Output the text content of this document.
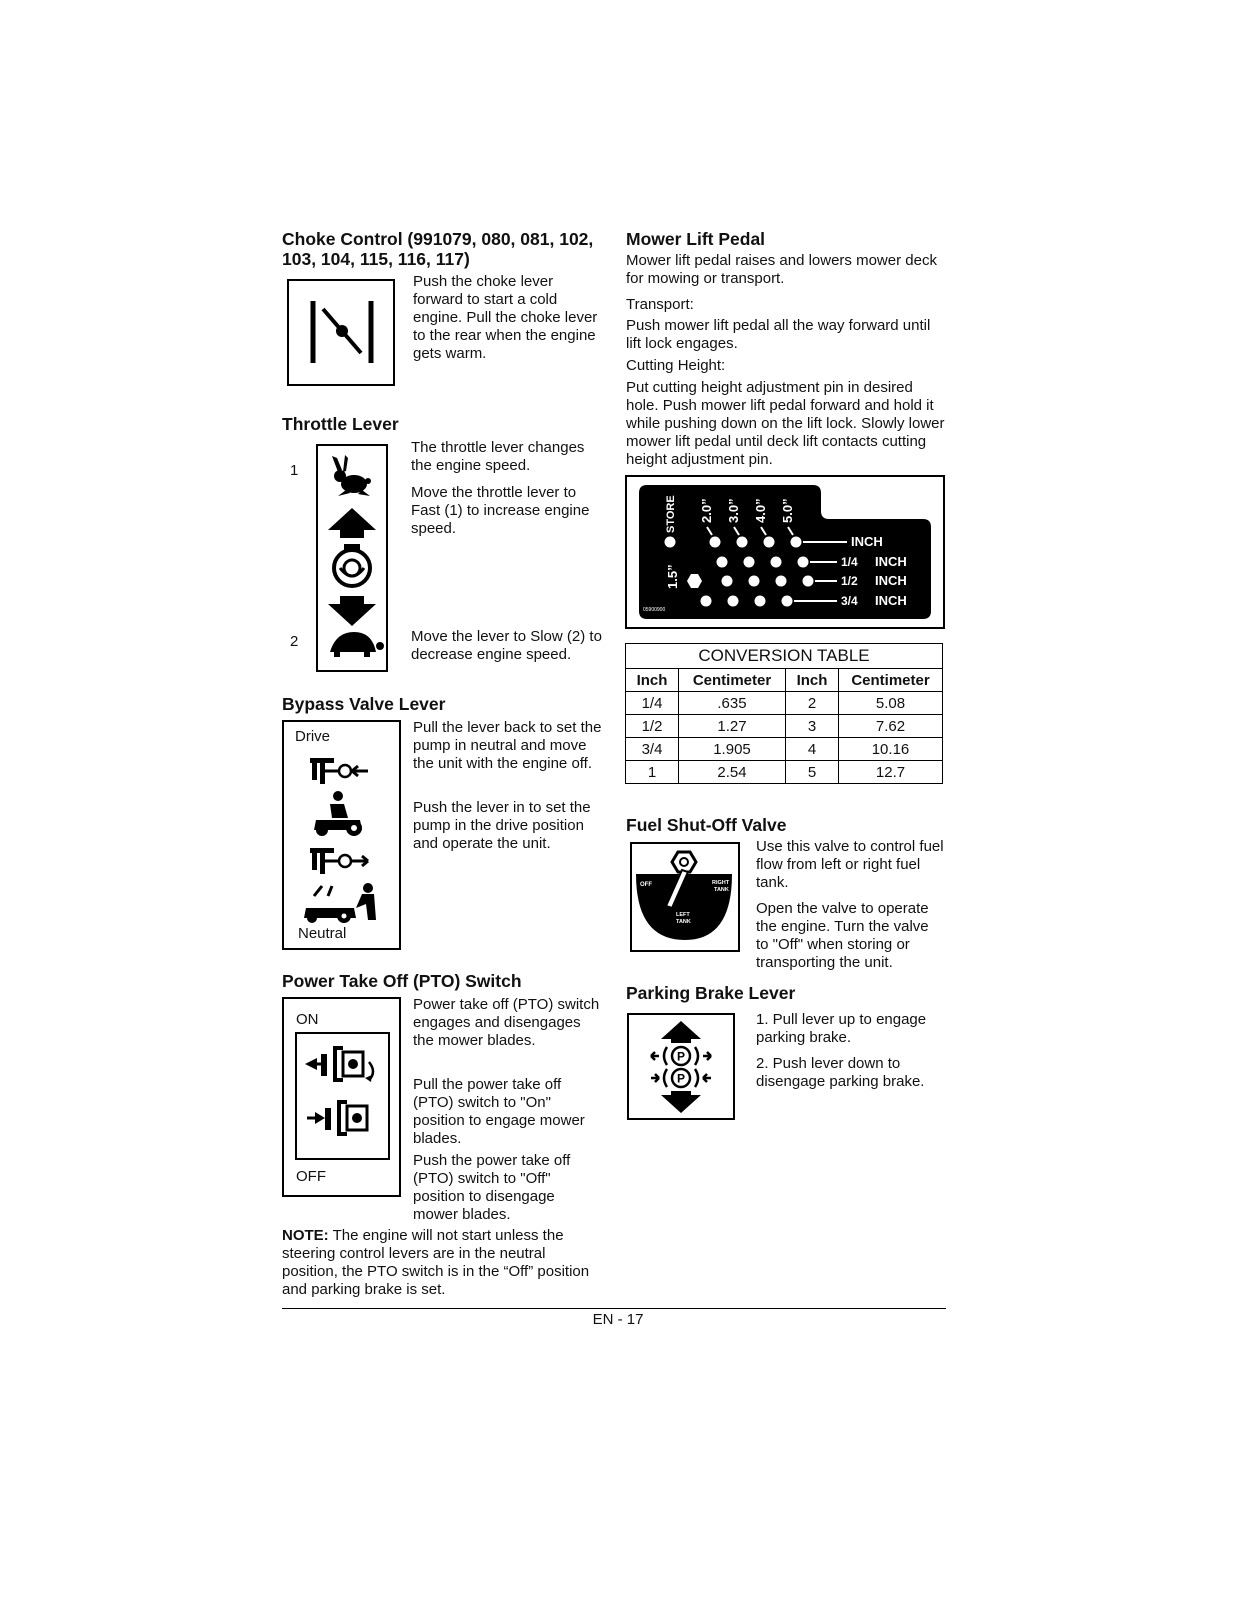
Choke Control (991079, 080, 081, 102, 103, 104, 115, 116, 117)

Push the choke lever forward to start a cold engine. Pull the choke lever to the rear when the engine gets warm.

Throttle Lever
1
2

The throttle lever changes the engine speed.

Move the throttle lever to Fast (1) to increase engine speed.

Move the lever to Slow (2) to decrease engine speed.

Bypass Valve Lever
Drive
Neutral

Pull the lever back to set the pump in neutral and move the unit with the engine off.

Push the lever in to set the pump in the drive position and operate the unit.

Power Take Off (PTO) Switch
ON
OFF

Power take off (PTO) switch engages and disengages the mower blades.

Pull the power take off (PTO) switch to "On" position to engage mower blades.

Push the power take off (PTO) switch to "Off" position to disengage mower blades.

NOTE: The engine will not start unless the steering control levers are in the neutral position, the PTO switch is in the “Off” position and parking brake is set.

Mower Lift Pedal

Mower lift pedal raises and lowers mower deck for mowing or transport.

Transport:

Push mower lift pedal all the way forward until lift lock engages.

Cutting Height:

Put cutting height adjustment pin in desired hole. Push mower lift pedal forward and hold it while pushing down on the lift lock. Slowly lower mower lift pedal until deck lift contacts cutting height adjustment pin.

STORE 2.0” 3.0” 4.0” 5.0”
1.5”
INCH
1/4
1/2
3/4
INCH
INCH
INCH
05900900
CONVERSION TABLE			
Inch	Centimeter	Inch	Centimeter
1/4	.635	2	5.08
1/2	1.27	3	7.62
3/4	1.905	4	10.16
1	2.54	5	12.7
Fuel Shut-Off Valve
OFF	RIGHT
TANK
LEFT
TANK

Use this valve to control fuel flow from left or right fuel tank.

Open the valve to operate the engine. Turn the valve to "Off" when storing or transporting the unit.

Parking Brake Lever
P
P

1. Pull lever up to engage parking brake.

2. Push lever down to disengage parking brake.

EN - 17
